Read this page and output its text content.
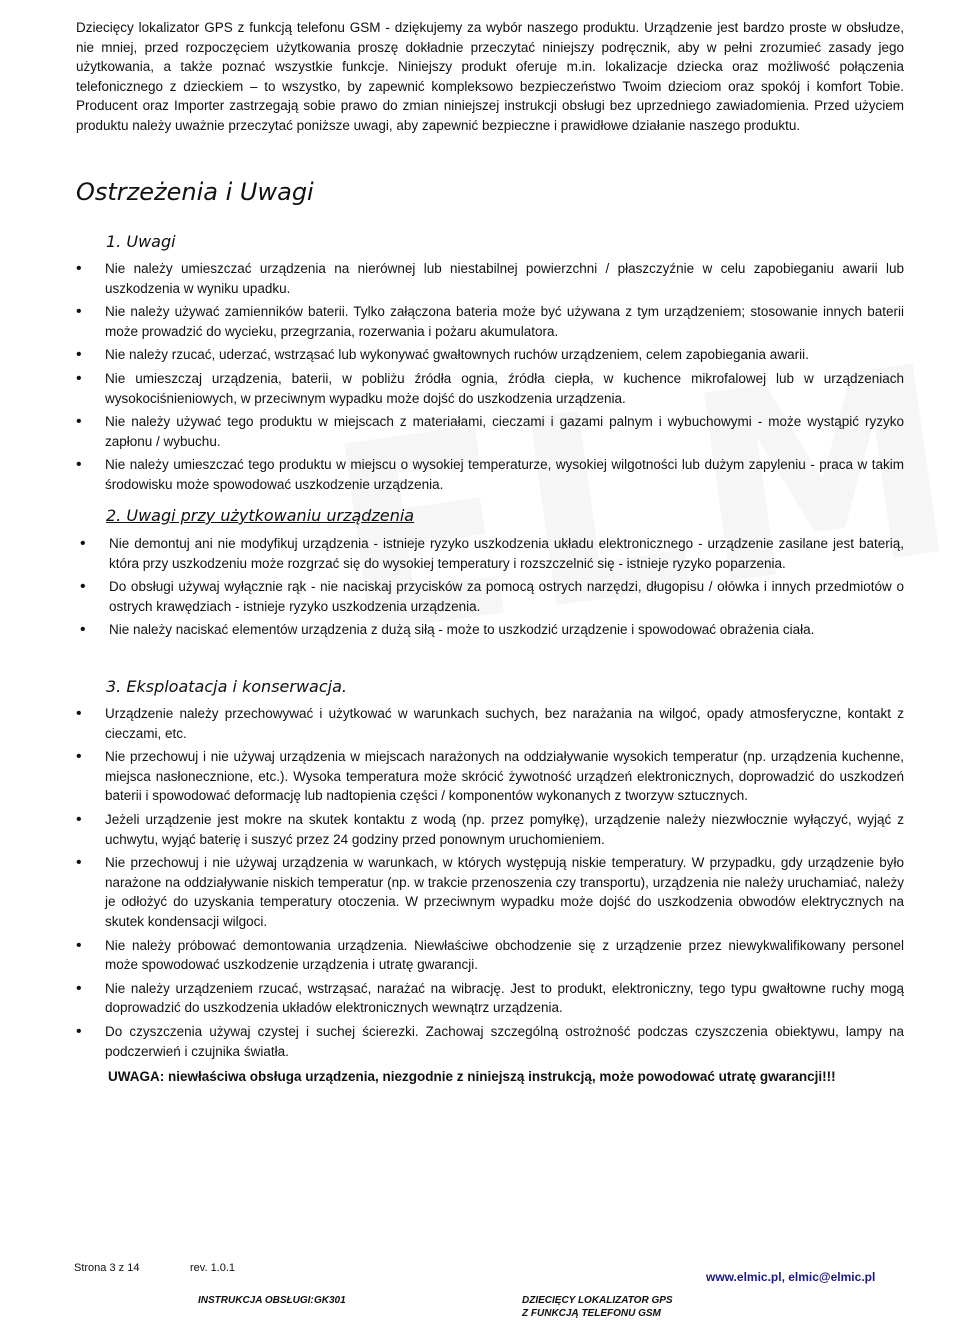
Dziecięcy lokalizator GPS z funkcją telefonu GSM - dziękujemy za wybór naszego produktu. Urządzenie jest bardzo proste w obsłudze, nie mniej, przed rozpoczęciem użytkowania proszę dokładnie przeczytać niniejszy podręcznik, aby w pełni zrozumieć zasady jego użytkowania, a także poznać wszystkie funkcje. Niniejszy produkt oferuje m.in. lokalizacje dziecka oraz możliwość połączenia telefonicznego z dzieckiem – to wszystko, by zapewnić kompleksowo bezpieczeństwo Twoim dzieciom oraz spokój i komfort Tobie. Producent oraz Importer zastrzegają sobie prawo do zmian niniejszej instrukcji obsługi bez uprzedniego zawiadomienia. Przed użyciem produktu należy uważnie przeczytać poniższe uwagi, aby zapewnić bezpieczne i prawidłowe działanie naszego produktu.

Ostrzeżenia i Uwagi
1. Uwagi
• Nie należy umieszczać urządzenia na nierównej lub niestabilnej powierzchni / płaszczyźnie w celu zapobieganiu awarii lub uszkodzenia w wyniku upadku.
• Nie należy używać zamienników baterii. Tylko załączona bateria może być używana z tym urządzeniem; stosowanie innych baterii może prowadzić do wycieku, przegrzania, rozerwania i pożaru akumulatora.
• Nie należy rzucać, uderzać, wstrząsać lub wykonywać gwałtownych ruchów urządzeniem, celem zapobiegania awarii.
• Nie umieszczaj urządzenia, baterii, w pobliżu źródła ognia, źródła ciepła, w kuchence mikrofalowej lub w urządzeniach wysokociśnieniowych, w przeciwnym wypadku może dojść do uszkodzenia urządzenia.
• Nie należy używać tego produktu w miejscach z materiałami, cieczami i gazami palnym i wybuchowymi - może wystąpić ryzyko zapłonu / wybuchu.
• Nie należy umieszczać tego produktu w miejscu o wysokiej temperaturze, wysokiej wilgotności lub dużym zapyleniu - praca w takim środowisku może spowodować uszkodzenie urządzenia.
2. Uwagi przy użytkowaniu urządzenia
• Nie demontuj ani nie modyfikuj urządzenia - istnieje ryzyko uszkodzenia układu elektronicznego - urządzenie zasilane jest baterią, która przy uszkodzeniu może rozgrzać się do wysokiej temperatury i rozszczelnić się - istnieje ryzyko poparzenia.
• Do obsługi używaj wyłącznie rąk - nie naciskaj przycisków za pomocą ostrych narzędzi, długopisu / ołówka i innych przedmiotów o ostrych krawędziach - istnieje ryzyko uszkodzenia urządzenia.
• Nie należy naciskać elementów urządzenia z dużą siłą - może to uszkodzić urządzenie i spowodować obrażenia ciała.
3. Eksploatacja i konserwacja.
• Urządzenie należy przechowywać i użytkować w warunkach suchych, bez narażania na wilgoć, opady atmosferyczne, kontakt z cieczami, etc.
• Nie przechowuj i nie używaj urządzenia w miejscach narażonych na oddziaływanie wysokich temperatur (np. urządzenia kuchenne, miejsca nasłonecznione, etc.). Wysoka temperatura może skrócić żywotność urządzeń elektronicznych, doprowadzić do uszkodzeń baterii i spowodować deformację lub nadtopienia części / komponentów wykonanych z tworzyw sztucznych.
• Jeżeli urządzenie jest mokre na skutek kontaktu z wodą (np. przez pomyłkę), urządzenie należy niezwłocznie wyłączyć, wyjąć z uchwytu, wyjąć baterię i suszyć przez 24 godziny przed ponownym uruchomieniem.
• Nie przechowuj i nie używaj urządzenia w warunkach, w których występują niskie temperatury. W przypadku, gdy urządzenie było narażone na oddziaływanie niskich temperatur (np. w trakcie przenoszenia czy transportu), urządzenia nie należy uruchamiać, należy je odłożyć do uzyskania temperatury otoczenia. W przeciwnym wypadku może dojść do uszkodzenia obwodów elektrycznych na skutek kondensacji wilgoci.
• Nie należy próbować demontowania urządzenia. Niewłaściwe obchodzenie się z urządzenie przez niewykwalifikowany personel może spowodować uszkodzenie urządzenia i utratę gwarancji.
• Nie należy urządzeniem rzucać, wstrząsać, narażać na wibrację. Jest to produkt, elektroniczny, tego typu gwałtowne ruchy mogą doprowadzić do uszkodzenia układów elektronicznych wewnątrz urządzenia.
• Do czyszczenia używaj czystej i suchej ścierezki. Zachowaj szczególną ostrożność podczas czyszczenia obiektywu, lampy na podczerwień i czujnika światła.
UWAGA: niewłaściwa obsługa urządzenia, niezgodnie z niniejszą instrukcją, może powodować utratę gwarancji!!!
Strona 3 z 14	rev. 1.0.1
www.elmic.pl, elmic@elmic.pl
INSTRUKCJA OBSŁUGI: GK301	DZIECIĘCY LOKALIZATOR GPS
Z FUNKCJĄ TELEFONU GSM
